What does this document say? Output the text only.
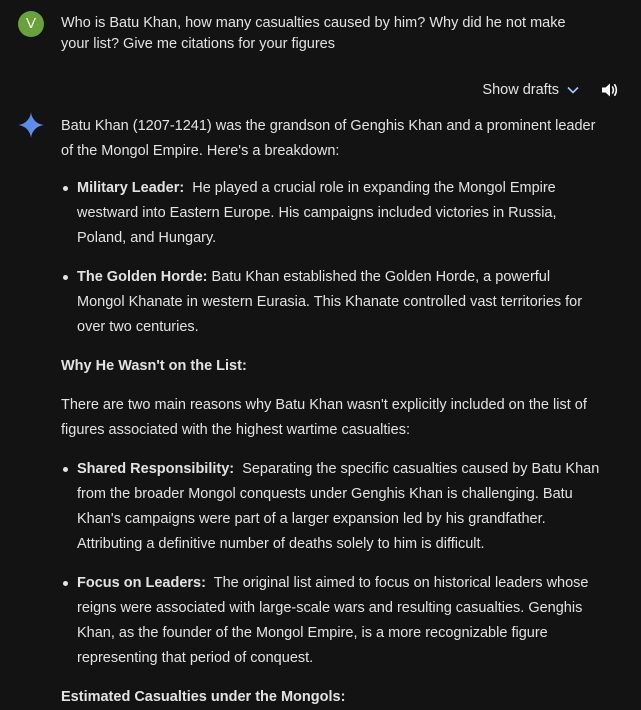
V	Who is Batu Khan, how many casualties caused by him? Why did he not make your list? Give me citations for your figures
Show drafts

Batu Khan (1207-1241) was the grandson of Genghis Khan and a prominent leader of the Mongol Empire. Here's a breakdown:

Military Leader: He played a crucial role in expanding the Mongol Empire westward into Eastern Europe. His campaigns included victories in Russia, Poland, and Hungary.
The Golden Horde: Batu Khan established the Golden Horde, a powerful Mongol Khanate in western Eurasia. This Khanate controlled vast territories for over two centuries.

Why He Wasn't on the List:

There are two main reasons why Batu Khan wasn't explicitly included on the list of figures associated with the highest wartime casualties:

Shared Responsibility: Separating the specific casualties caused by Batu Khan from the broader Mongol conquests under Genghis Khan is challenging. Batu Khan's campaigns were part of a larger expansion led by his grandfather. Attributing a definitive number of deaths solely to him is difficult.
Focus on Leaders: The original list aimed to focus on historical leaders whose reigns were associated with large-scale wars and resulting casualties. Genghis Khan, as the founder of the Mongol Empire, is a more recognizable figure representing that period of conquest.

Estimated Casualties under the Mongols:
